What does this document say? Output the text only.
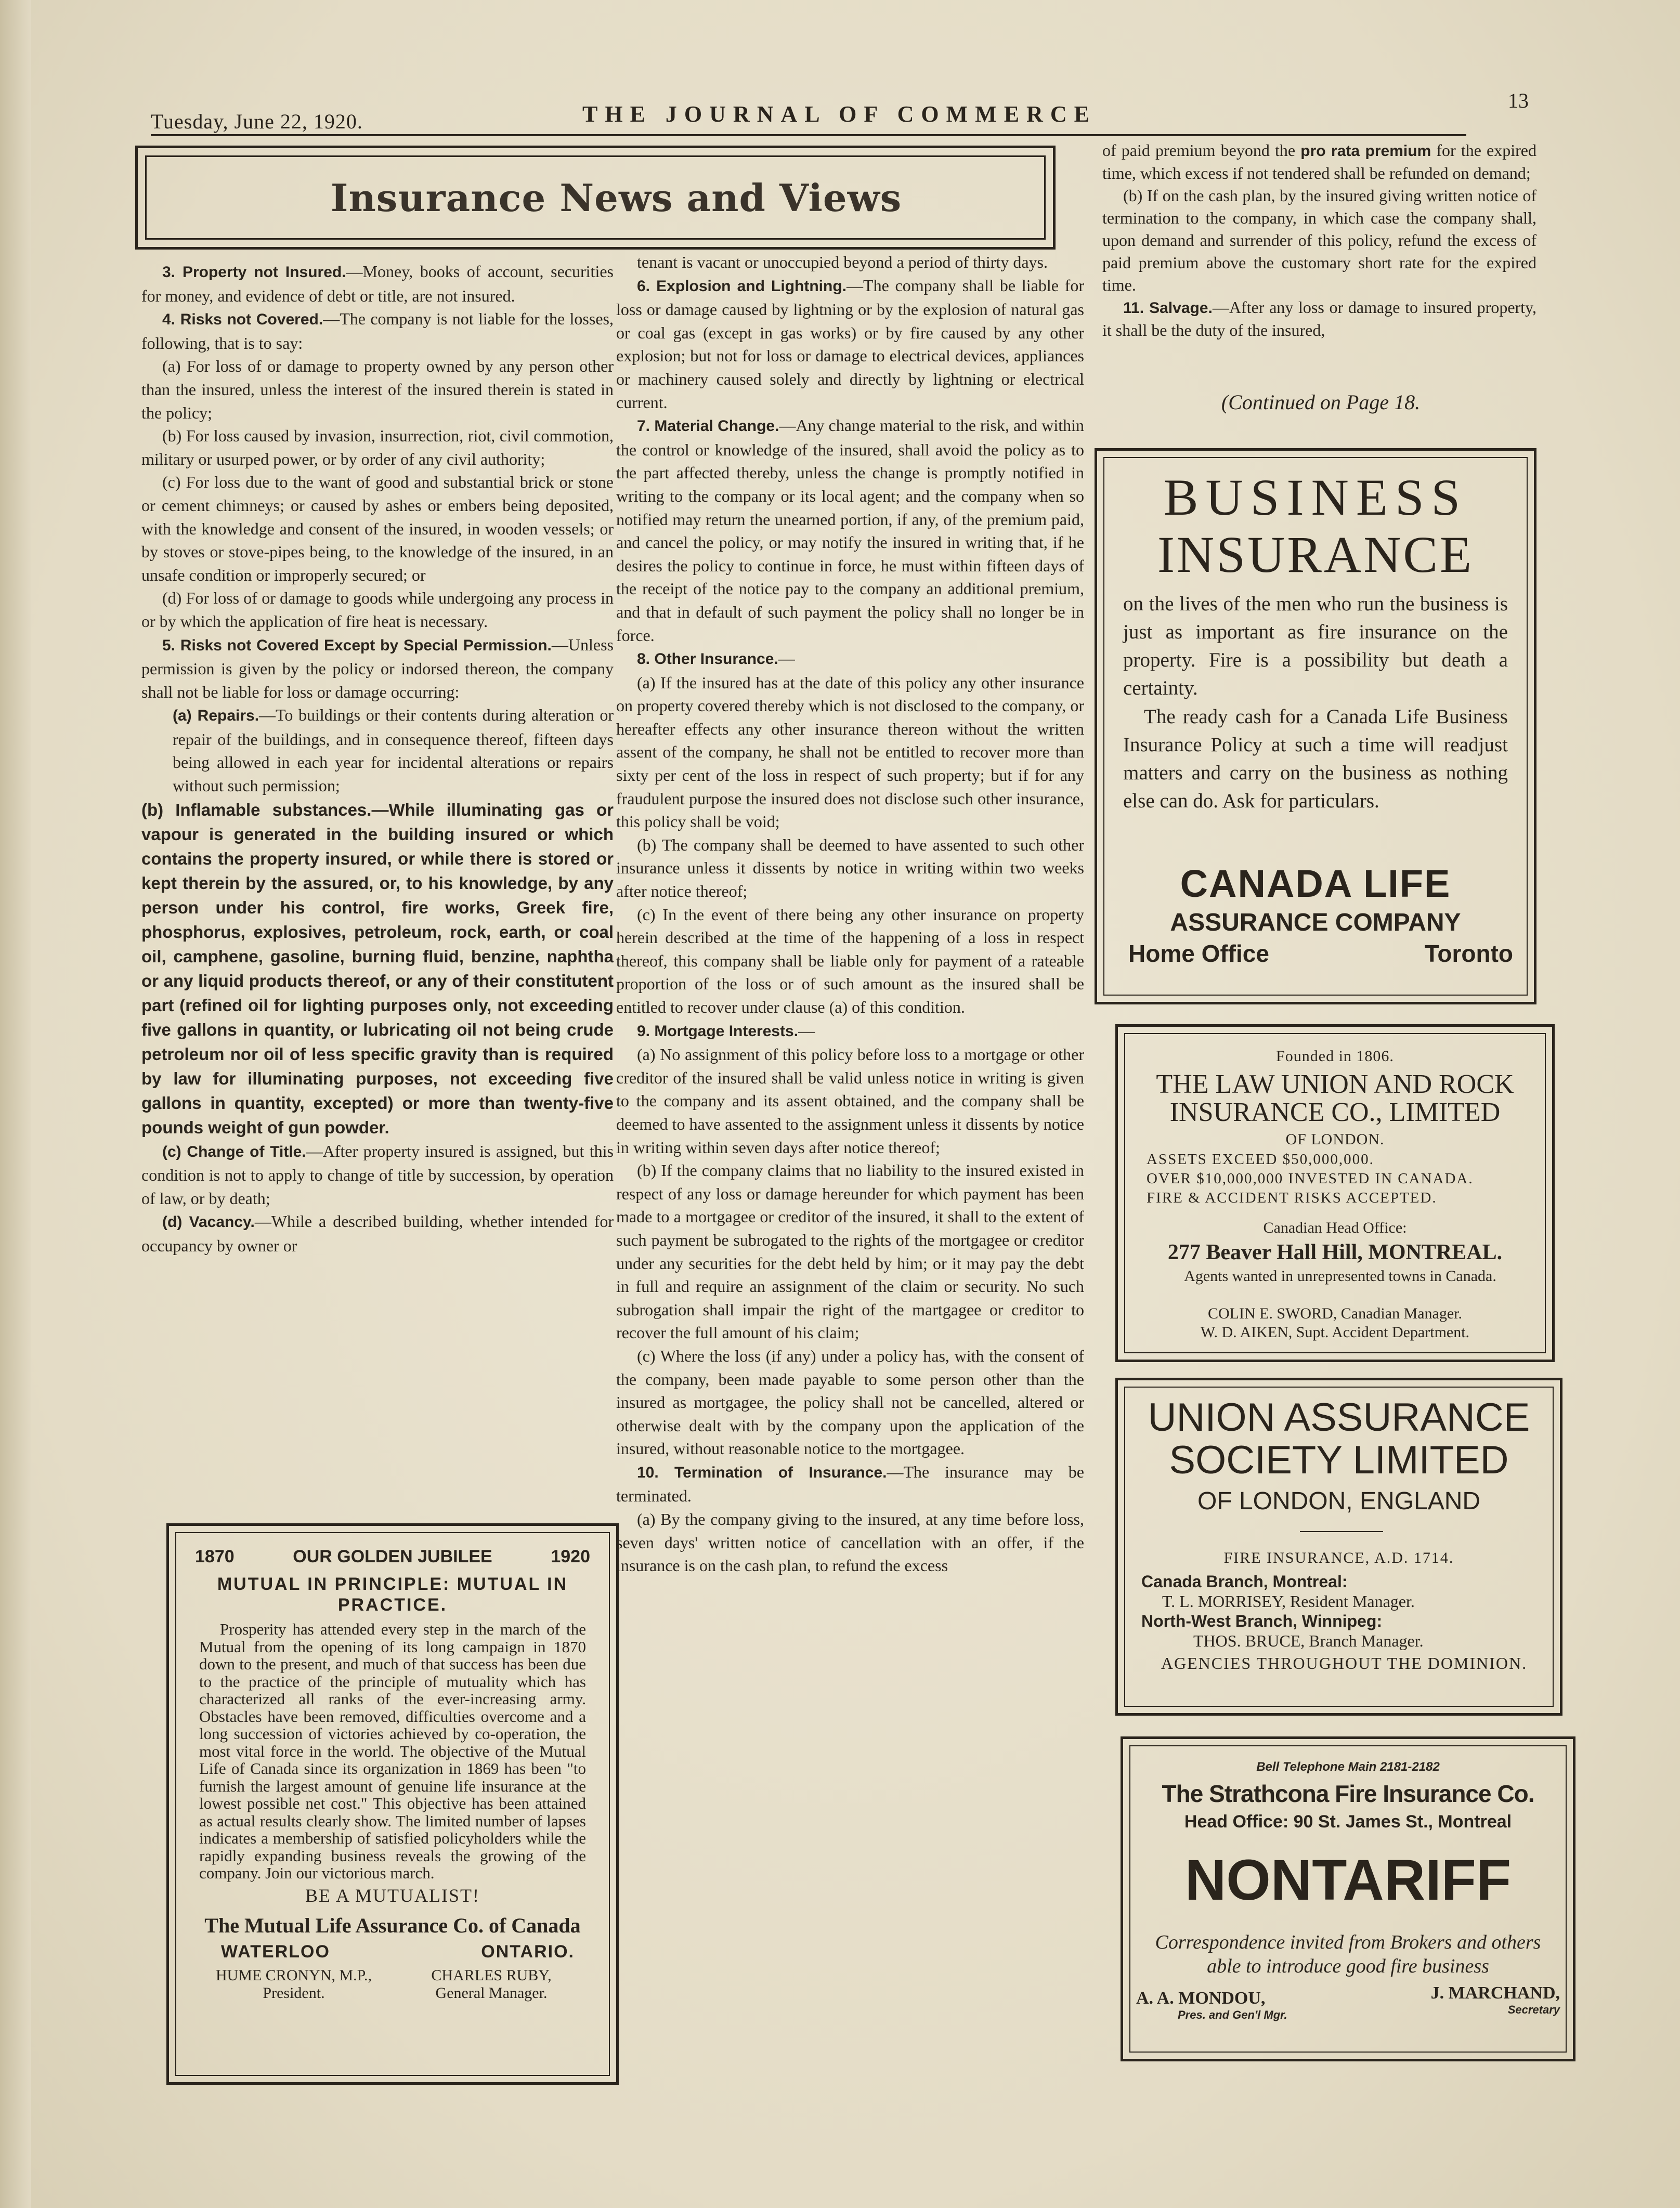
Tuesday, June 22, 1920.	THE JOURNAL OF COMMERCE
13
Insurance News and Views

3. Property not Insured.—Money, books of account, securities for money, and evidence of debt or title, are not insured.

4. Risks not Covered.—The company is not liable for the losses, following, that is to say:

(a) For loss of or damage to property owned by any person other than the insured, unless the interest of the insured therein is stated in the policy;

(b) For loss caused by invasion, insurrection, riot, civil commotion, military or usurped power, or by order of any civil authority;

(c) For loss due to the want of good and substantial brick or stone or cement chimneys; or caused by ashes or embers being deposited, with the knowledge and consent of the insured, in wooden vessels; or by stoves or stove-pipes being, to the knowledge of the insured, in an unsafe condition or improperly secured; or

(d) For loss of or damage to goods while undergoing any process in or by which the application of fire heat is necessary.

5. Risks not Covered Except by Special Permission.—Unless permission is given by the policy or indorsed thereon, the company shall not be liable for loss or damage occurring:

(a) Repairs.—To buildings or their contents during alteration or repair of the buildings, and in consequence thereof, fifteen days being allowed in each year for incidental alterations or repairs without such permission;

(b) Inflamable substances.—While illuminating gas or vapour is generated in the building insured or which contains the property insured, or while there is stored or kept therein by the assured, or, to his knowledge, by any person under his control, fire works, Greek fire, phosphorus, explosives, petroleum, rock, earth, or coal oil, camphene, gasoline, burning fluid, benzine, naphtha or any liquid products thereof, or any of their constitutent part (refined oil for lighting purposes only, not exceeding five gallons in quantity, or lubricating oil not being crude petroleum nor oil of less specific gravity than is required by law for illuminating purposes, not exceeding five gallons in quantity, excepted) or more than twenty-five pounds weight of gun powder.

(c) Change of Title.—After property insured is assigned, but this condition is not to apply to change of title by succession, by operation of law, or by death;

(d) Vacancy.—While a described building, whether intended for occupancy by owner or

tenant is vacant or unoccupied beyond a period of thirty days.

6. Explosion and Lightning.—The company shall be liable for loss or damage caused by lightning or by the explosion of natural gas or coal gas (except in gas works) or by fire caused by any other explosion; but not for loss or damage to electrical devices, appliances or machinery caused solely and directly by lightning or electrical current.

7. Material Change.—Any change material to the risk, and within the control or knowledge of the insured, shall avoid the policy as to the part affected thereby, unless the change is promptly notified in writing to the company or its local agent; and the company when so notified may return the unearned portion, if any, of the premium paid, and cancel the policy, or may notify the insured in writing that, if he desires the policy to continue in force, he must within fifteen days of the receipt of the notice pay to the company an additional premium, and that in default of such payment the policy shall no longer be in force.

8. Other Insurance.—

(a) If the insured has at the date of this policy any other insurance on property covered thereby which is not disclosed to the company, or hereafter effects any other insurance thereon without the written assent of the company, he shall not be entitled to recover more than sixty per cent of the loss in respect of such property; but if for any fraudulent purpose the insured does not disclose such other insurance, this policy shall be void;

(b) The company shall be deemed to have assented to such other insurance unless it dissents by notice in writing within two weeks after notice thereof;

(c) In the event of there being any other insurance on property herein described at the time of the happening of a loss in respect thereof, this company shall be liable only for payment of a rateable proportion of the loss or of such amount as the insured shall be entitled to recover under clause (a) of this condition.

9. Mortgage Interests.—

(a) No assignment of this policy before loss to a mortgage or other creditor of the insured shall be valid unless notice in writing is given to the company and its assent obtained, and the company shall be deemed to have assented to the assignment unless it dissents by notice in writing within seven days after notice thereof;

(b) If the company claims that no liability to the insured existed in respect of any loss or damage hereunder for which payment has been made to a mortgagee or creditor of the insured, it shall to the extent of such payment be subrogated to the rights of the mortgagee or creditor under any securities for the debt held by him; or it may pay the debt in full and require an assignment of the claim or security. No such subrogation shall impair the right of the martgagee or creditor to recover the full amount of his claim;

(c) Where the loss (if any) under a policy has, with the consent of the company, been made payable to some person other than the insured as mortgagee, the policy shall not be cancelled, altered or otherwise dealt with by the company upon the application of the insured, without reasonable notice to the mortgagee.

10. Termination of Insurance.—The insurance may be terminated.

(a) By the company giving to the insured, at any time before loss, seven days' written notice of cancellation with an offer, if the insurance is on the cash plan, to refund the excess

of paid premium beyond the pro rata premium for the expired time, which excess if not tendered shall be refunded on demand;

(b) If on the cash plan, by the insured giving written notice of termination to the company, in which case the company shall, upon demand and surrender of this policy, refund the excess of paid premium above the customary short rate for the expired time.

11. Salvage.—After any loss or damage to insured property, it shall be the duty of the insured,

(Continued on Page 18.
1870	1920
OUR GOLDEN JUBILEE
MUTUAL IN PRINCIPLE: MUTUAL IN PRACTICE.
Prosperity has attended every step in the march of the Mutual from the opening of its long campaign in 1870 down to the present, and much of that success has been due to the practice of the principle of mutuality which has characterized all ranks of the ever-increasing army. Obstacles have been removed, difficulties overcome and a long succession of victories achieved by co-operation, the most vital force in the world. The objective of the Mutual Life of Canada since its organization in 1869 has been "to furnish the largest amount of genuine life insurance at the lowest possible net cost." This objective has been attained as actual results clearly show. The limited number of lapses indicates a membership of satisfied policyholders while the rapidly expanding business reveals the growing of the company. Join our victorious march.
BE A MUTUALIST!
The Mutual Life Assurance Co. of Canada
WATERLOO	ONTARIO.
HUME CRONYN, M.P.,
President.
CHARLES RUBY,
General Manager.
BUSINESS
INSURANCE
on the lives of the men who run the business is just as important as fire insurance on the property. Fire is a possibility but death a certainty.
The ready cash for a Canada Life Business Insurance Policy at such a time will readjust matters and carry on the business as nothing else can do. Ask for particulars.
CANADA LIFE
ASSURANCE COMPANY
Home Office	Toronto
Founded in 1806.
THE LAW UNION AND ROCK
INSURANCE CO., LIMITED
OF LONDON.
ASSETS EXCEED $50,000,000.
OVER $10,000,000 INVESTED IN CANADA.
FIRE & ACCIDENT RISKS ACCEPTED.
Canadian Head Office:
277 Beaver Hall Hill, MONTREAL.
Agents wanted in unrepresented towns in Canada.
COLIN E. SWORD, Canadian Manager.
W. D. AIKEN, Supt. Accident Department.
UNION ASSURANCE
SOCIETY LIMITED
OF LONDON, ENGLAND
FIRE INSURANCE, A.D. 1714.
Canada Branch, Montreal:
T. L. MORRISEY, Resident Manager.
North-West Branch, Winnipeg:
THOS. BRUCE, Branch Manager.
AGENCIES THROUGHOUT THE DOMINION.
Bell Telephone Main 2181-2182
The Strathcona Fire Insurance Co.
Head Office: 90 St. James St., Montreal
NONTARIFF
Correspondence invited from Brokers and others able to introduce good fire business
A. A. MONDOU,
Pres. and Gen'l Mgr.
J. MARCHAND,
Secretary
